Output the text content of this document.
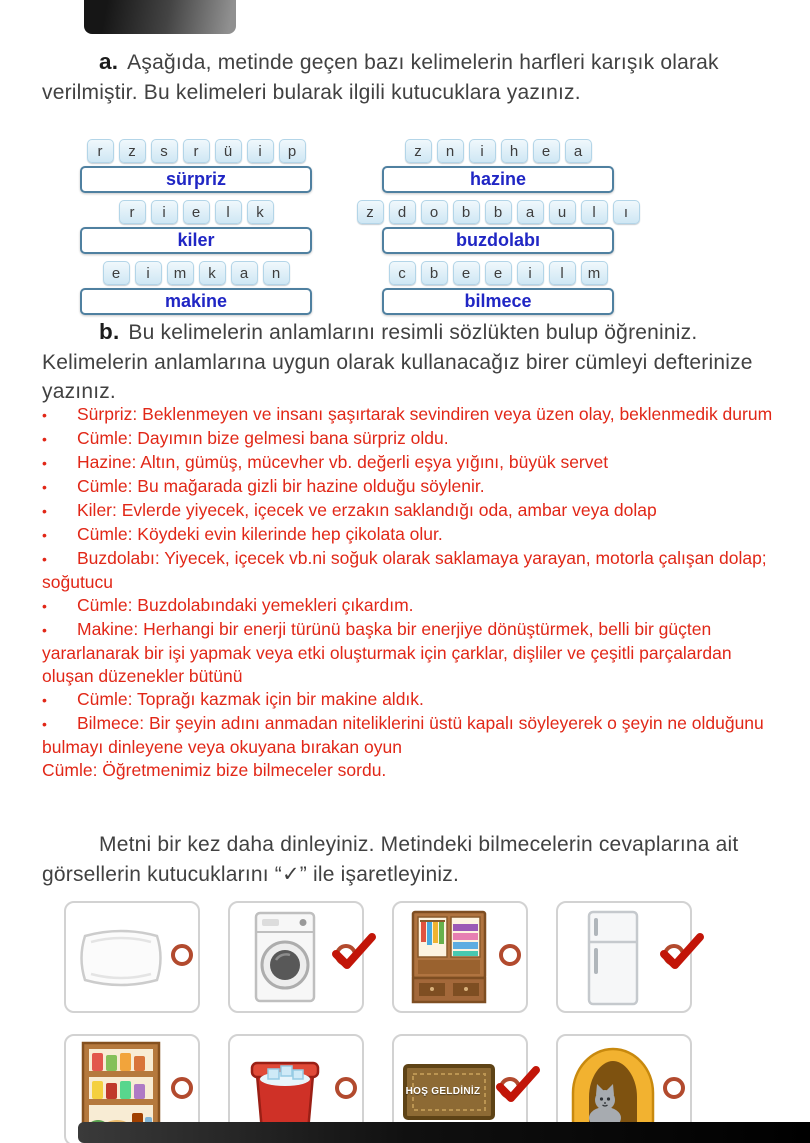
a. Aşağıda, metinde geçen bazı kelimelerin harfleri karışık olarak verilmiştir. Bu kelimeleri bularak ilgili kutucuklara yazınız.

r	z	s	r	ü	i	p
sürpriz
z	n	i	h	e	a
hazine
r	i	e	l	k
kiler
z	d	o	b	b	a	u	l	ı
buzdolabı
e	i	m	k	a	n
makine
c	b	e	e	i	l	m
bilmece

b. Bu kelimelerin anlamlarını resimli sözlükten bulup öğreniniz. Kelimelerin anlamlarına uygun olarak kullanacağız birer cümleyi defterinize yazınız.

• Sürpriz: Beklenmeyen ve insanı şaşırtarak sevindiren veya üzen olay, beklenmedik durum

• Cümle: Dayımın bize gelmesi bana sürpriz oldu.

• Hazine: Altın, gümüş, mücevher vb. değerli eşya yığını, büyük servet

• Cümle: Bu mağarada gizli bir hazine olduğu söylenir.

• Kiler: Evlerde yiyecek, içecek ve erzakın saklandığı oda, ambar veya dolap

• Cümle: Köydeki evin kilerinde hep çikolata olur.

• Buzdolabı: Yiyecek, içecek vb.ni soğuk olarak saklamaya yarayan, motorla çalışan dolap; soğutucu

• Cümle: Buzdolabındaki yemekleri çıkardım.

• Makine: Herhangi bir enerji türünü başka bir enerjiye dönüştürmek, belli bir güçten yararlanarak bir işi yapmak veya etki oluşturmak için çarklar, dişliler ve çeşitli parçalardan oluşan düzenekler bütünü

• Cümle: Toprağı kazmak için bir makine aldık.

• Bilmece: Bir şeyin adını anmadan niteliklerini üstü kapalı söyleyerek o şeyin ne olduğunu bulmayı dinleyene veya okuyana bırakan oyun

Cümle: Öğretmenimiz bize bilmeceler sordu.

Metni bir kez daha dinleyiniz. Metindeki bilmecelerin cevaplarına ait görsellerin kutucuklarını “✓” ile işaretleyiniz.

HOŞ GELDİNİZ
